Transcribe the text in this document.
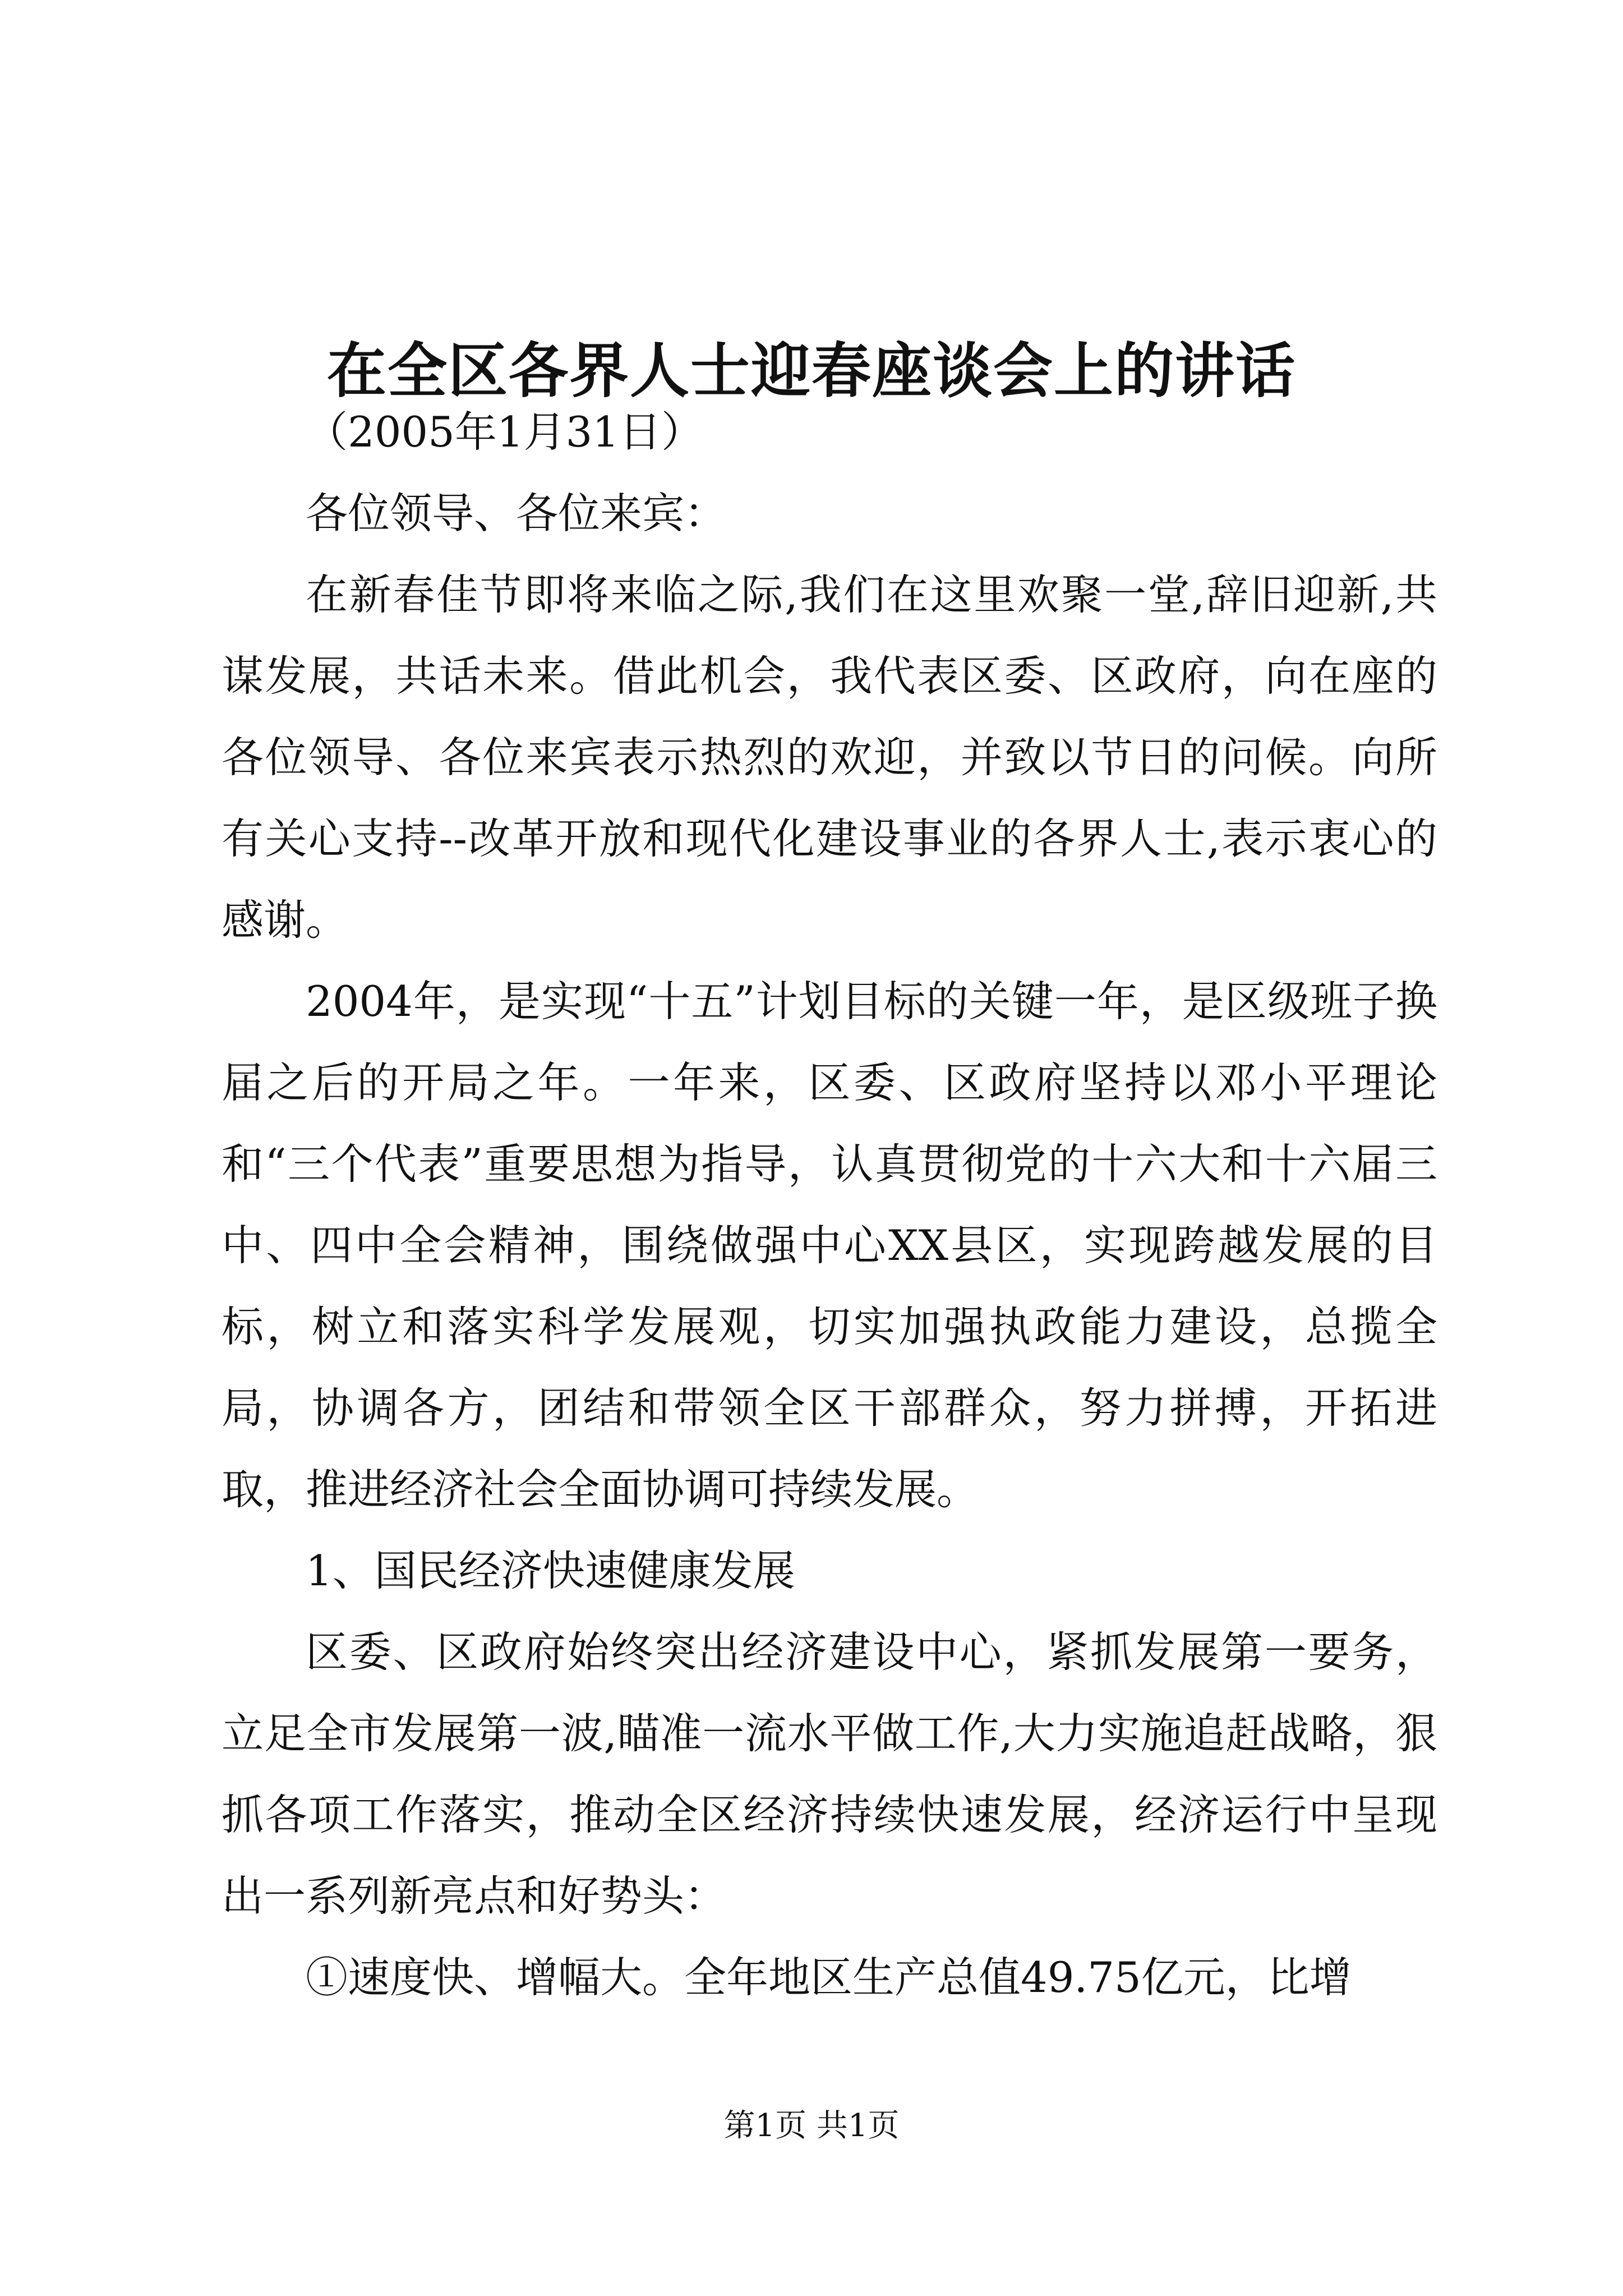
在全区各界人士迎春座谈会上的讲话

（2005年1月31日）

各位领导、各位来宾：

在新春佳节即将来临之际,我们在这里欢聚一堂,辞旧迎新,共谋发展，共话未来。借此机会，我代表区委、区政府，向在座的各位领导、各位来宾表示热烈的欢迎，并致以节日的问候。向所有关心支持--改革开放和现代化建设事业的各界人士,表示衷心的感谢。

2004年，是实现“十五”计划目标的关键一年，是区级班子换届之后的开局之年。一年来，区委、区政府坚持以邓小平理论和“三个代表”重要思想为指导，认真贯彻党的十六大和十六届三中、四中全会精神，围绕做强中心XX县区，实现跨越发展的目标，树立和落实科学发展观，切实加强执政能力建设，总揽全局，协调各方，团结和带领全区干部群众，努力拼搏，开拓进取，推进经济社会全面协调可持续发展。

1、国民经济快速健康发展

区委、区政府始终突出经济建设中心，紧抓发展第一要务，立足全市发展第一波,瞄准一流水平做工作,大力实施追赶战略，狠抓各项工作落实，推动全区经济持续快速发展，经济运行中呈现出一系列新亮点和好势头：

①速度快、增幅大。全年地区生产总值49.75亿元，比增

第1页 共1页
